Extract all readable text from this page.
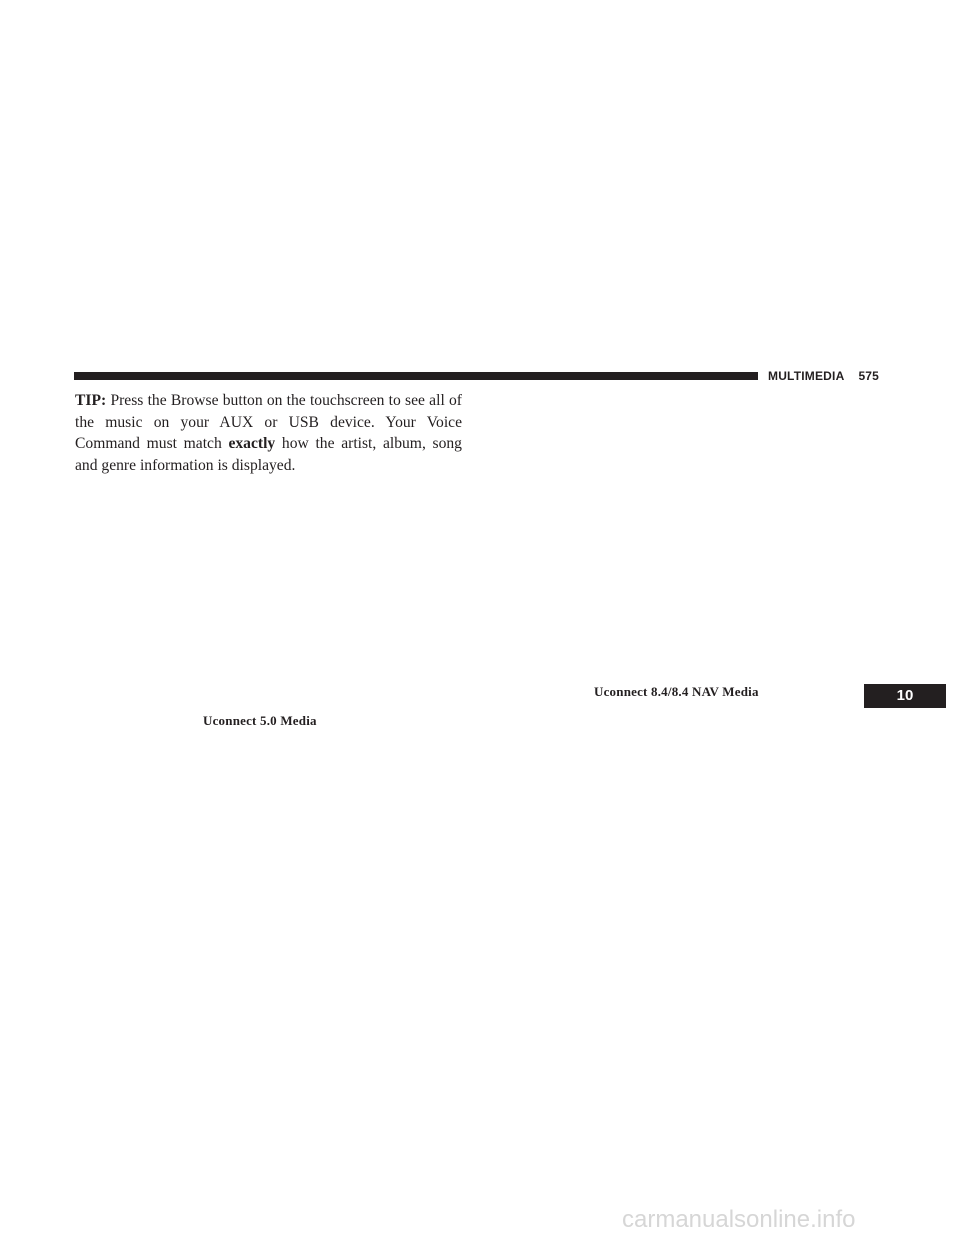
MULTIMEDIA 575

TIP: Press the Browse button on the touchscreen to see all of the music on your AUX or USB device. Your Voice Command must match exactly how the artist, album, song and genre information is displayed.

Uconnect 8.4/8.4 NAV Media
Uconnect 5.0 Media
10
carmanualsonline.info
